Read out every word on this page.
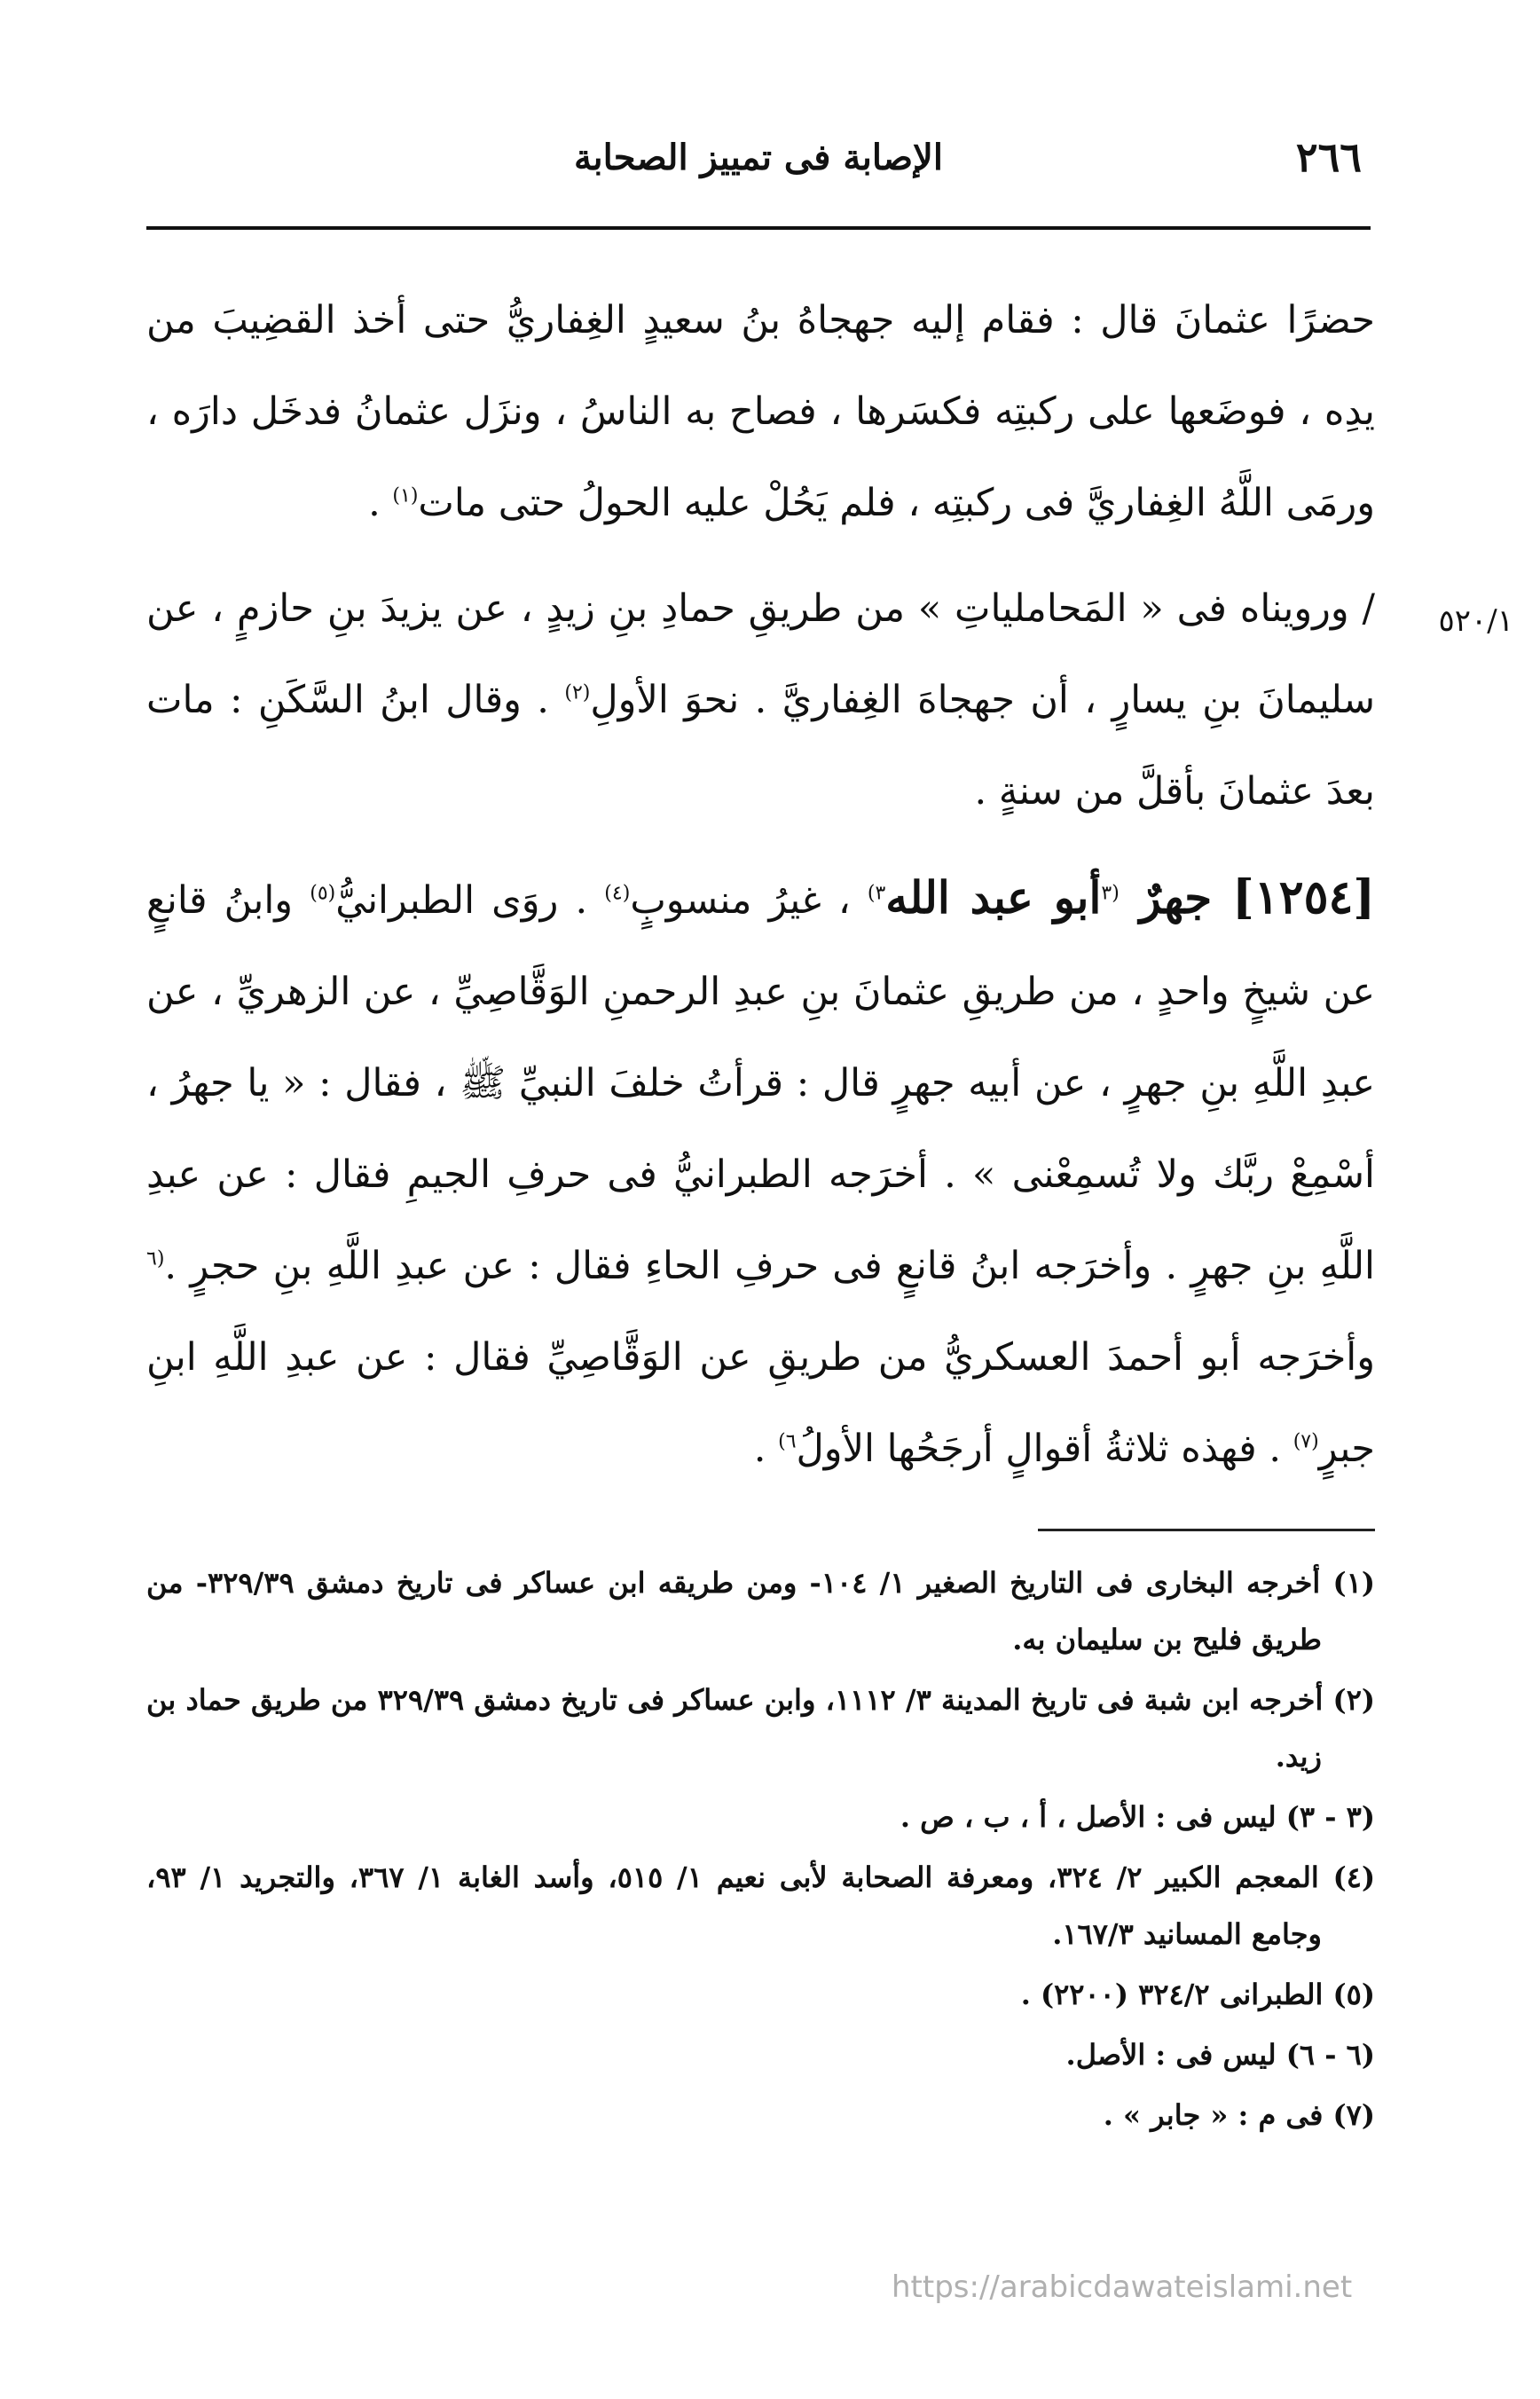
٢٦٦
الإصابة فى تمييز الصحابة
٥٢٠/١

حضرًا عثمانَ قال : فقام إليه جهجاهُ بنُ سعيدٍ الغِفاريُّ حتى أخذ القضِيبَ من يدِه ، فوضَعها على ركبتِه فكسَرها ، فصاح به الناسُ ، ونزَل عثمانُ فدخَل دارَه ، ورمَى اللَّهُ الغِفاريَّ فى ركبتِه ، فلم يَحُلْ عليه الحولُ حتى مات$^{(١)}$ .

/ ورويناه فى « المَحاملياتِ » من طريقِ حمادِ بنِ زيدٍ ، عن يزيدَ بنِ حازمٍ ، عن سليمانَ بنِ يسارٍ ، أن جهجاهَ الغِفاريَّ . نحوَ الأولِ$^{(٢)}$ . وقال ابنُ السَّكَنِ : مات بعدَ عثمانَ بأقلَّ من سنةٍ .

[١٢٥٤] جهرٌ $^{(٣}$أبو عبد الله$^{٣)}$ ، غيرُ منسوبٍ$^{(٤)}$ . روَى الطبرانيُّ$^{(٥)}$ وابنُ قانعٍ عن شيخٍ واحدٍ ، من طريقِ عثمانَ بنِ عبدِ الرحمنِ الوَقَّاصِيِّ ، عن الزهريِّ ، عن عبدِ اللَّهِ بنِ جهرٍ ، عن أبيه جهرٍ قال : قرأتُ خلفَ النبيِّ ﷺ ، فقال : « يا جهرُ ، أسْمِعْ ربَّك ولا تُسمِعْنى » . أخرَجه الطبرانيُّ فى حرفِ الجيمِ فقال : عن عبدِ اللَّهِ بنِ جهرٍ . وأخرَجه ابنُ قانعٍ فى حرفِ الحاءِ فقال : عن عبدِ اللَّهِ بنِ حجرٍ .$^{(٦}$ وأخرَجه أبو أحمدَ العسكريُّ من طريقِ عن الوَقَّاصِيِّ فقال : عن عبدِ اللَّهِ ابنِ جبرٍ$^{(٧)}$ . فهذه ثلاثةُ أقوالٍ أرجَحُها الأولُ$^{٦)}$ .

(١) أخرجه البخارى فى التاريخ الصغير ١/ ١٠٤- ومن طريقه ابن عساكر فى تاريخ دمشق ٣٢٩/٣٩- من طريق فليح بن سليمان به.

(٢) أخرجه ابن شبة فى تاريخ المدينة ٣/ ١١١٢، وابن عساكر فى تاريخ دمشق ٣٢٩/٣٩ من طريق حماد بن زيد.

(٣ - ٣) ليس فى : الأصل ، أ ، ب ، ص .

(٤) المعجم الكبير ٢/ ٣٢٤، ومعرفة الصحابة لأبى نعيم ١/ ٥١٥، وأسد الغابة ١/ ٣٦٧، والتجريد ١/ ٩٣، وجامع المسانيد ١٦٧/٣.

(٥) الطبرانى ٣٢٤/٢ (٢٢٠٠) .

(٦ - ٦) ليس فى : الأصل.

(٧) فى م : « جابر » .

https://arabicdawateislami.net
